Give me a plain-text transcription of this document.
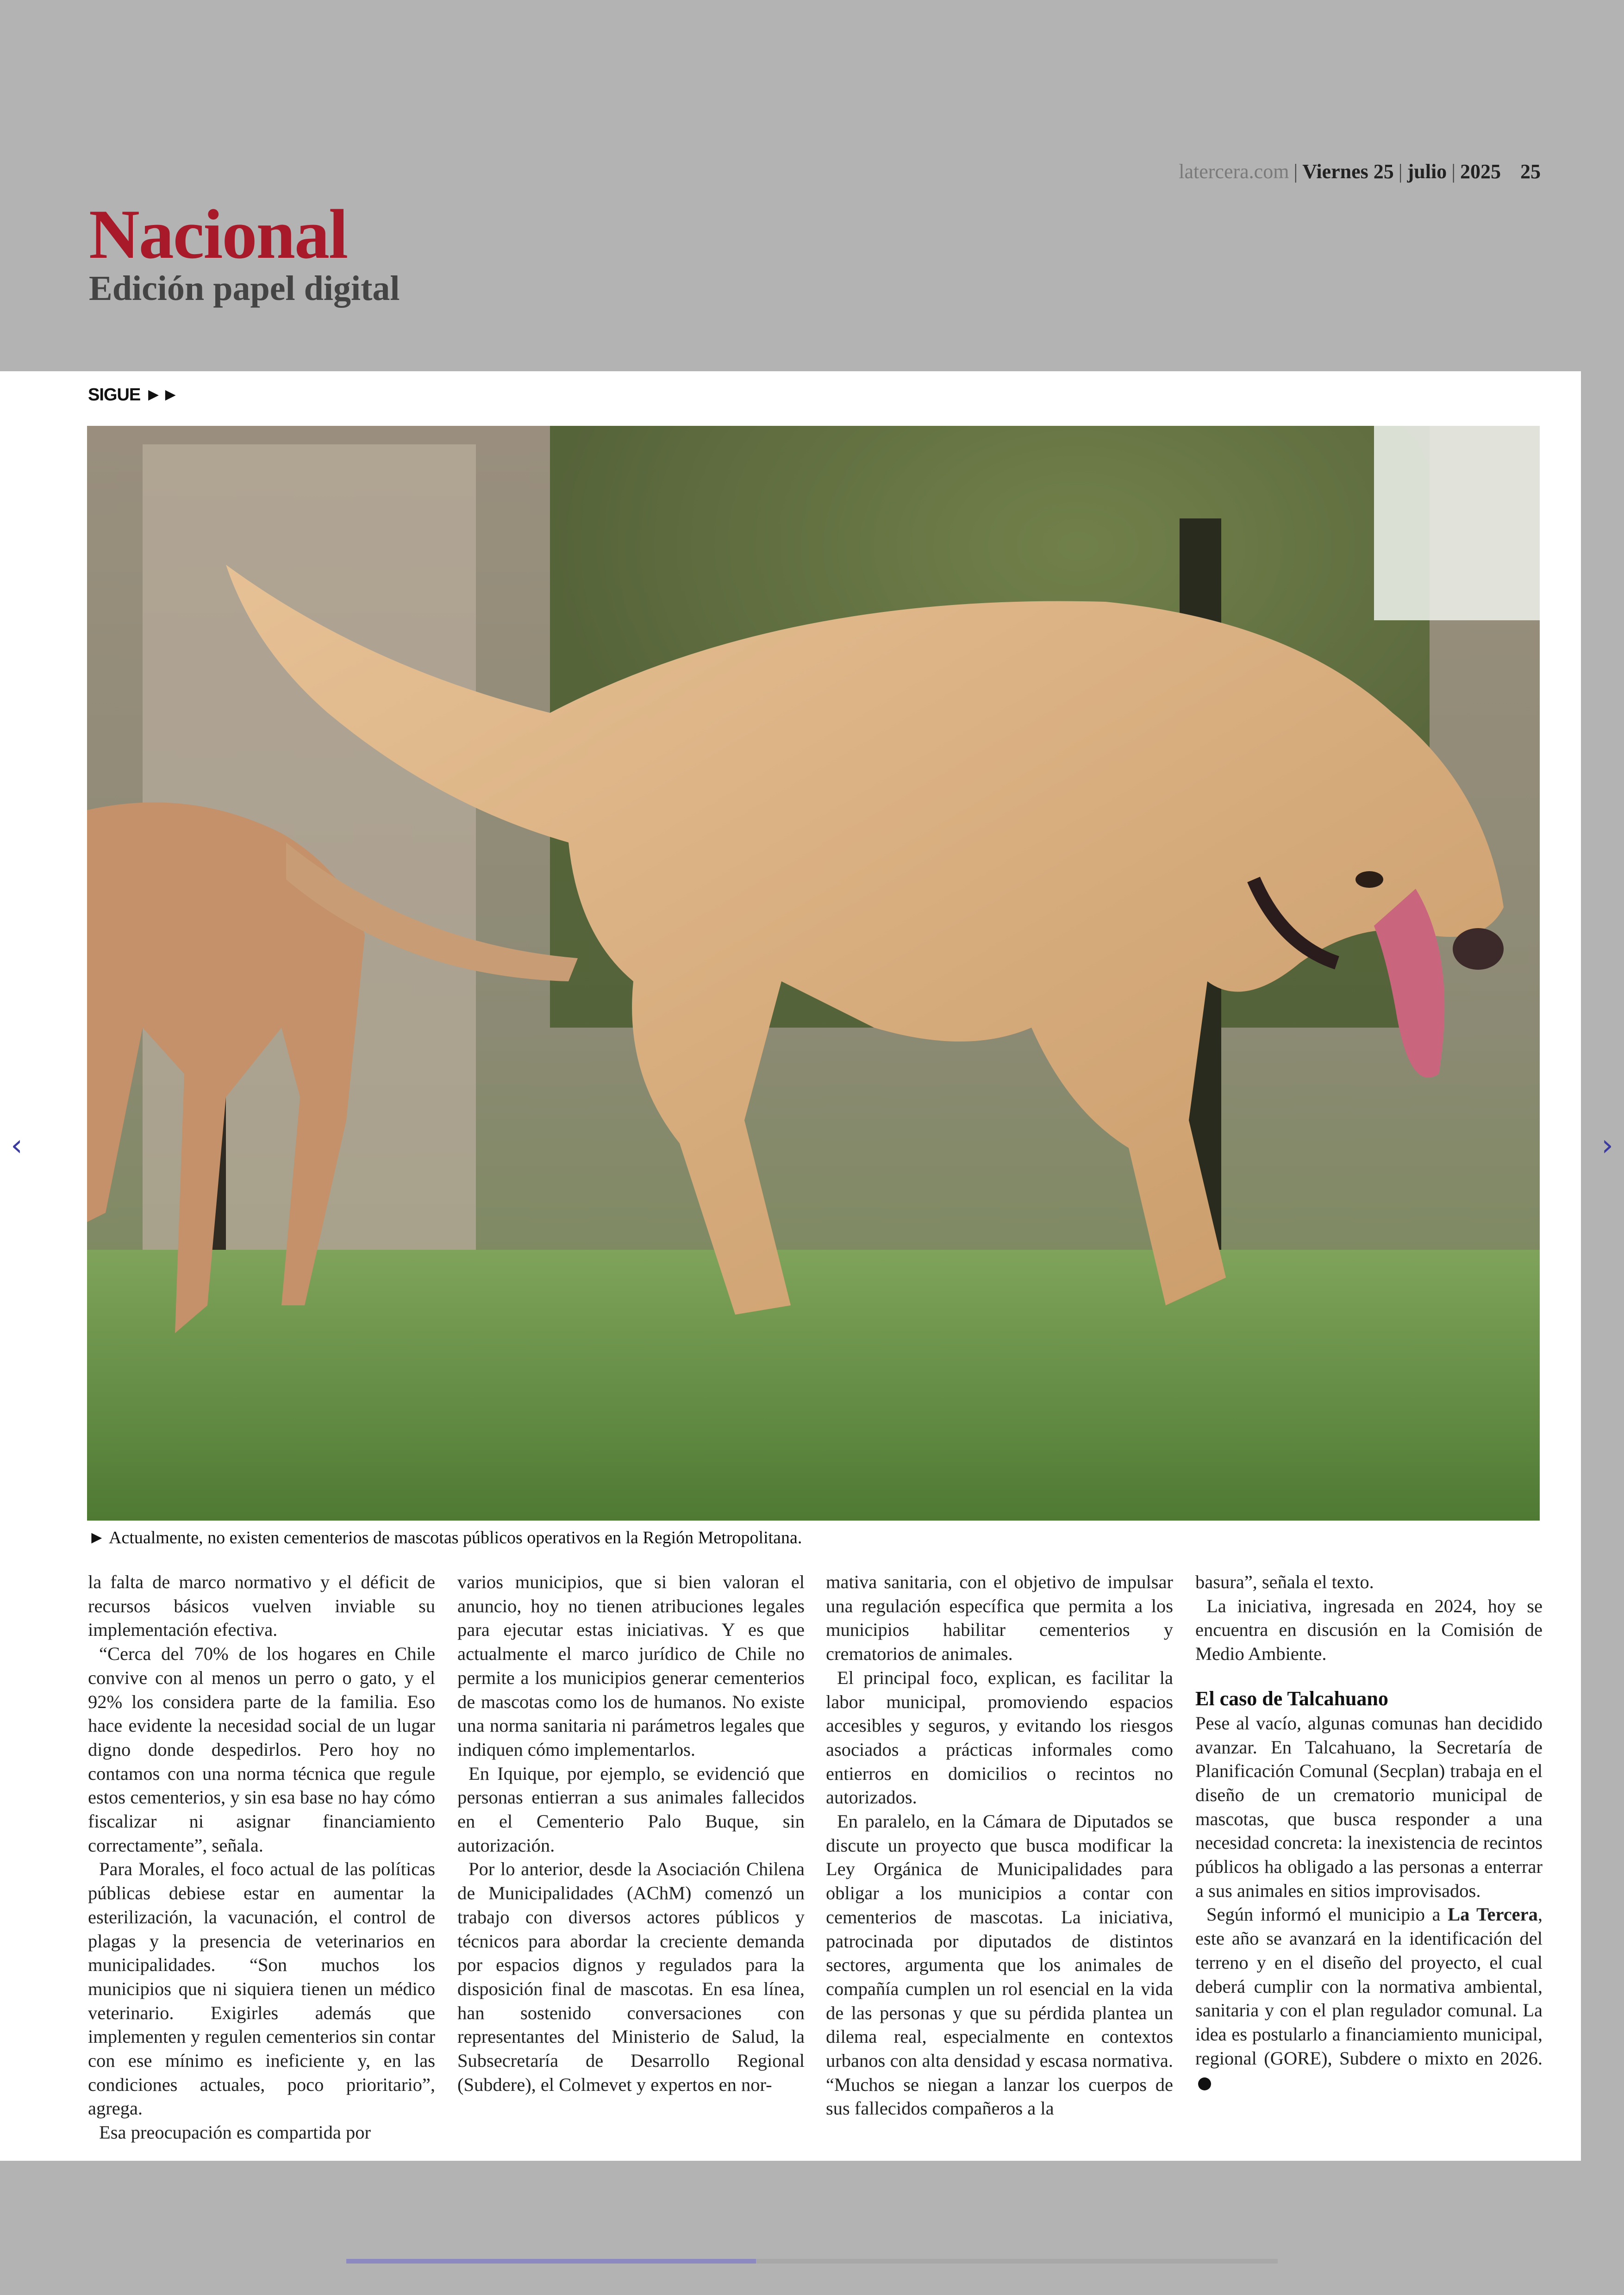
latercera.com | Viernes 25 | julio | 2025 25
Nacional
Edición papel digital
SIGUE ►►
► Actualmente, no existen cementerios de mascotas públicos operativos en la Región Metropolitana.

la falta de marco normativo y el déficit de recursos básicos vuelven inviable su implementación efectiva.

“Cerca del 70% de los hogares en Chile convive con al menos un perro o gato, y el 92% los considera parte de la familia. Eso hace evidente la necesidad social de un lugar digno donde despedirlos. Pero hoy no contamos con una norma técnica que regule estos cementerios, y sin esa base no hay cómo fiscalizar ni asignar financiamiento correctamente”, señala.

Para Morales, el foco actual de las políticas públicas debiese estar en aumentar la esterilización, la vacunación, el control de plagas y la presencia de veterinarios en municipalidades. “Son muchos los municipios que ni siquiera tienen un médico veterinario. Exigirles además que implementen y regulen cementerios sin contar con ese mínimo es ineficiente y, en las condiciones actuales, poco prioritario”, agrega.

Esa preocupación es compartida por

varios municipios, que si bien valoran el anuncio, hoy no tienen atribuciones legales para ejecutar estas iniciativas. Y es que actualmente el marco jurídico de Chile no permite a los municipios generar cementerios de mascotas como los de humanos. No existe una norma sanitaria ni parámetros legales que indiquen cómo implementarlos.

En Iquique, por ejemplo, se evidenció que personas entierran a sus animales fallecidos en el Cementerio Palo Buque, sin autorización.

Por lo anterior, desde la Asociación Chilena de Municipalidades (AChM) comenzó un trabajo con diversos actores públicos y técnicos para abordar la creciente demanda por espacios dignos y regulados para la disposición final de mascotas. En esa línea, han sostenido conversaciones con representantes del Ministerio de Salud, la Subsecretaría de Desarrollo Regional (Subdere), el Colmevet y expertos en nor-

mativa sanitaria, con el objetivo de impulsar una regulación específica que permita a los municipios habilitar cementerios y crematorios de animales.

El principal foco, explican, es facilitar la labor municipal, promoviendo espacios accesibles y seguros, y evitando los riesgos asociados a prácticas informales como entierros en domicilios o recintos no autorizados.

En paralelo, en la Cámara de Diputados se discute un proyecto que busca modificar la Ley Orgánica de Municipalidades para obligar a los municipios a contar con cementerios de mascotas. La iniciativa, patrocinada por diputados de distintos sectores, argumenta que los animales de compañía cumplen un rol esencial en la vida de las personas y que su pérdida plantea un dilema real, especialmente en contextos urbanos con alta densidad y escasa normativa. “Muchos se niegan a lanzar los cuerpos de sus fallecidos compañeros a la

basura”, señala el texto.

La iniciativa, ingresada en 2024, hoy se encuentra en discusión en la Comisión de Medio Ambiente.

El caso de Talcahuano

Pese al vacío, algunas comunas han decidido avanzar. En Talcahuano, la Secretaría de Planificación Comunal (Secplan) trabaja en el diseño de un crematorio municipal de mascotas, que busca responder a una necesidad concreta: la inexistencia de recintos públicos ha obligado a las personas a enterrar a sus animales en sitios improvisados.

Según informó el municipio a La Tercera, este año se avanzará en la identificación del terreno y en el diseño del proyecto, el cual deberá cumplir con la normativa ambiental, sanitaria y con el plan regulador comunal. La idea es postularlo a financiamiento municipal, regional (GORE), Subdere o mixto en 2026.

‹	›
